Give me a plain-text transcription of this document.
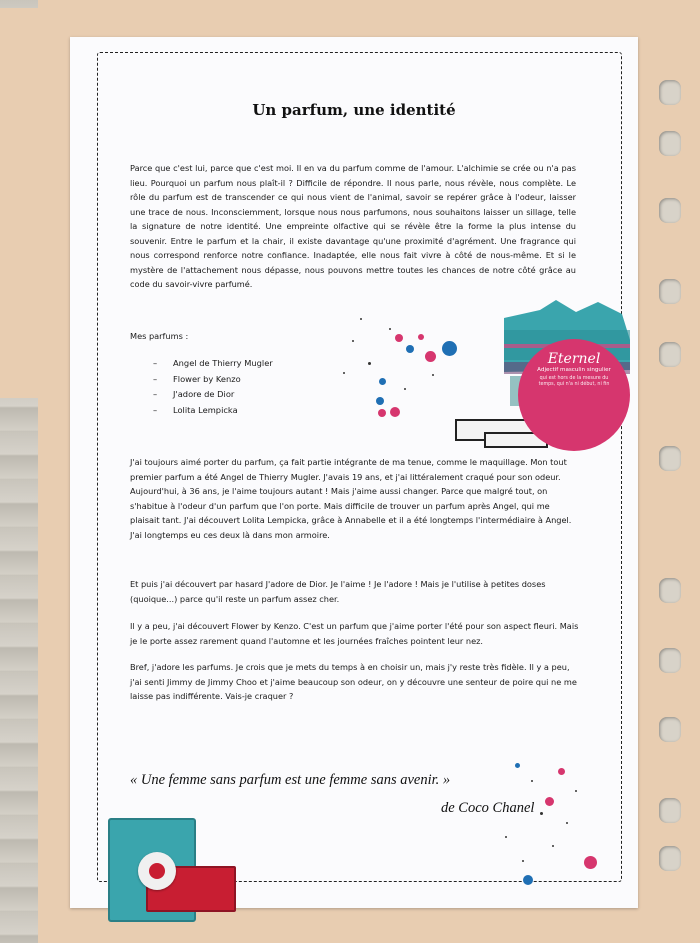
Un parfum, une identité
Parce que c'est lui, parce que c'est moi. Il en va du parfum comme de l'amour. L'alchimie se crée ou n'a pas lieu. Pourquoi un parfum nous plaît-il ? Difficile de répondre. Il nous parle, nous révèle, nous complète. Le rôle du parfum est de transcender ce qui nous vient de l'animal, savoir se repérer grâce à l'odeur, laisser une trace de nous. Inconsciemment, lorsque nous nous parfumons, nous souhaitons laisser un sillage, telle la signature de notre identité. Une empreinte olfactive qui se révèle être la forme la plus intense du souvenir. Entre le parfum et la chair, il existe davantage qu'une proximité d'agrément. Une fragrance qui nous correspond renforce notre confiance. Inadaptée, elle nous fait vivre à côté de nous-même. Et si le mystère de l'attachement nous dépasse, nous pouvons mettre toutes les chances de notre côté grâce au code du savoir-vivre parfumé.
Mes parfums :
– Angel de Thierry Mugler
– Flower by Kenzo
– J'adore de Dior
– Lolita Lempicka
J'ai toujours aimé porter du parfum, ça fait partie intégrante de ma tenue, comme le maquillage. Mon tout premier parfum a été Angel de Thierry Mugler. J'avais 19 ans, et j'ai littéralement craqué pour son odeur. Aujourd'hui, à 36 ans, je l'aime toujours autant ! Mais j'aime aussi changer. Parce que malgré tout, on s'habitue à l'odeur d'un parfum que l'on porte. Mais difficile de trouver un parfum après Angel, qui me plaisait tant. J'ai découvert Lolita Lempicka, grâce à Annabelle et il a été longtemps l'intermédiaire à Angel. J'ai longtemps eu ces deux là dans mon armoire.
Et puis j'ai découvert par hasard J'adore de Dior. Je l'aime ! Je l'adore ! Mais je l'utilise à petites doses (quoique...) parce qu'il reste un parfum assez cher.
Il y a peu, j'ai découvert Flower by Kenzo. C'est un parfum que j'aime porter l'été pour son aspect fleuri. Mais je le porte assez rarement quand l'automne et les journées fraîches pointent leur nez.
Bref, j'adore les parfums. Je crois que je mets du temps à en choisir un, mais j'y reste très fidèle. Il y a peu, j'ai senti Jimmy de Jimmy Choo et j'aime beaucoup son odeur, on y découvre une senteur de poire qui ne me laisse pas indifférente. Vais-je craquer ?
« Une femme sans parfum est une femme sans avenir. »
de Coco Chanel
Eternel
Adjectif masculin singulier
qui est hors de la mesure du temps, qui n'a ni début, ni fin
